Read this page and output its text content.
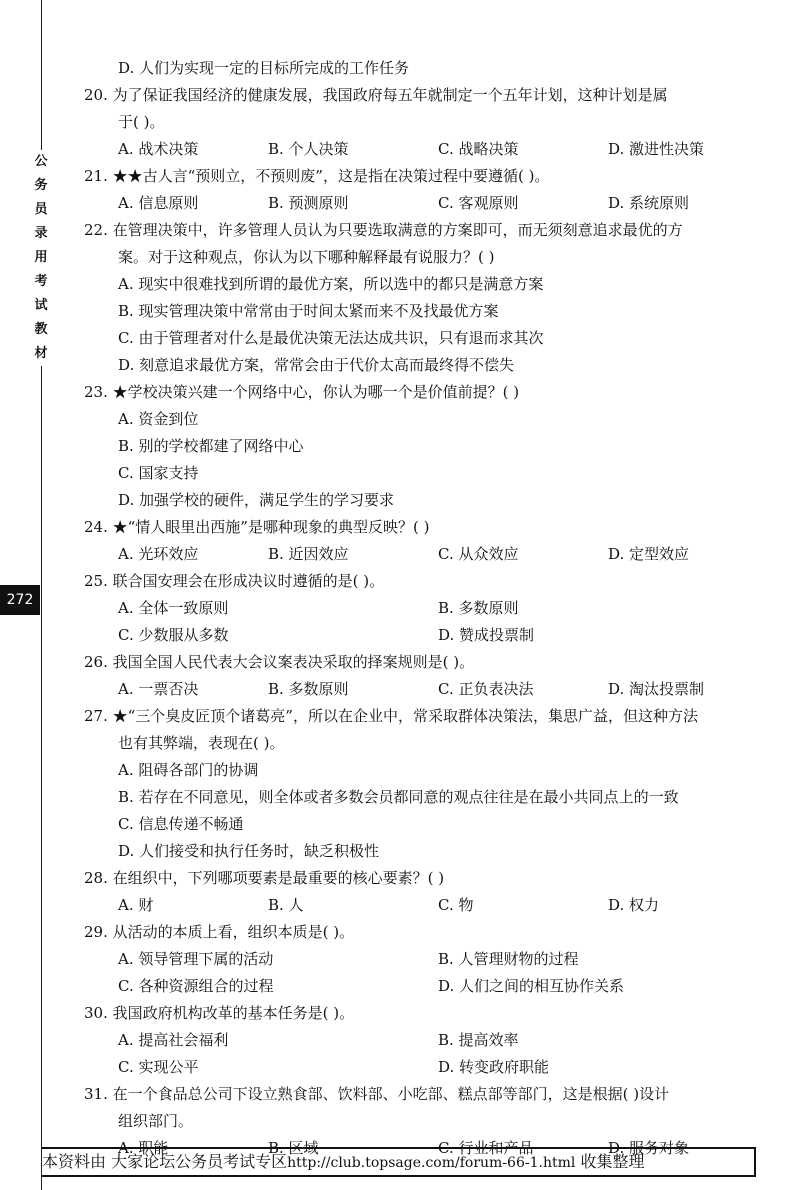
公
务
员
录
用
考
试
教
材
272
D. 人们为实现一定的目标所完成的工作任务
20. 为了保证我国经济的健康发展，我国政府每五年就制定一个五年计划，这种计划是属
于( )。
A. 战术决策	B. 个人决策	C. 战略决策	D. 激进性决策
21. ★★古人言“预则立，不预则废”，这是指在决策过程中要遵循( )。
A. 信息原则	B. 预测原则	C. 客观原则	D. 系统原则
22. 在管理决策中，许多管理人员认为只要选取满意的方案即可，而无须刻意追求最优的方
案。对于这种观点，你认为以下哪种解释最有说服力？( )
A. 现实中很难找到所谓的最优方案，所以选中的都只是满意方案
B. 现实管理决策中常常由于时间太紧而来不及找最优方案
C. 由于管理者对什么是最优决策无法达成共识，只有退而求其次
D. 刻意追求最优方案，常常会由于代价太高而最终得不偿失
23. ★学校决策兴建一个网络中心，你认为哪一个是价值前提？( )
A. 资金到位
B. 别的学校都建了网络中心
C. 国家支持
D. 加强学校的硬件，满足学生的学习要求
24. ★“情人眼里出西施”是哪种现象的典型反映？( )
A. 光环效应	B. 近因效应	C. 从众效应	D. 定型效应
25. 联合国安理会在形成决议时遵循的是( )。
A. 全体一致原则	B. 多数原则
C. 少数服从多数	D. 赞成投票制
26. 我国全国人民代表大会议案表决采取的择案规则是( )。
A. 一票否决	B. 多数原则	C. 正负表决法	D. 淘汰投票制
27. ★“三个臭皮匠顶个诸葛亮”，所以在企业中，常采取群体决策法，集思广益，但这种方法
也有其弊端，表现在( )。
A. 阻碍各部门的协调
B. 若存在不同意见，则全体或者多数会员都同意的观点往往是在最小共同点上的一致
C. 信息传递不畅通
D. 人们接受和执行任务时，缺乏积极性
28. 在组织中，下列哪项要素是最重要的核心要素？( )
A. 财	B. 人	C. 物	D. 权力
29. 从活动的本质上看，组织本质是( )。
A. 领导管理下属的活动	B. 人管理财物的过程
C. 各种资源组合的过程	D. 人们之间的相互协作关系
30. 我国政府机构改革的基本任务是( )。
A. 提高社会福利	B. 提高效率
C. 实现公平	D. 转变政府职能
31. 在一个食品总公司下设立熟食部、饮料部、小吃部、糕点部等部门，这是根据( )设计
组织部门。
A. 职能	B. 区域	C. 行业和产品	D. 服务对象
本资料由 大家论坛公务员考试专区http://club.topsage.com/forum-66-1.html 收集整理
